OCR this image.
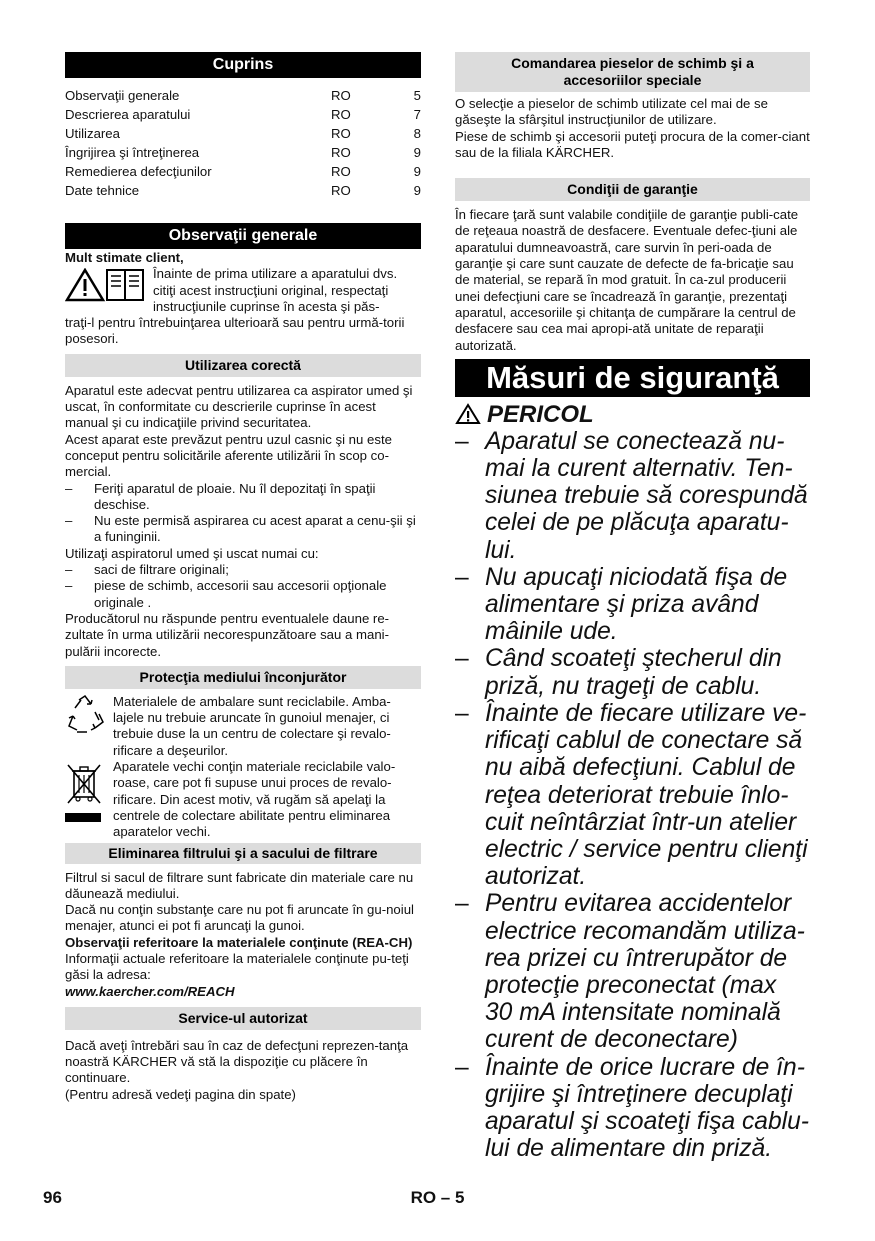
Cuprins
Observaţii generale	RO	5
Descrierea aparatului	RO	7
Utilizarea	RO	8
Îngrijirea şi întreţinerea	RO	9
Remedierea defecţiunilor	RO	9
Date tehnice	RO	9
Observaţii generale

Mult stimate client,

Înainte de prima utilizare a aparatului dvs.

citiţi acest instrucţiuni original, respectaţi

instrucţiunile cuprinse în acesta şi păs-

traţi-l pentru întrebuinţarea ulterioară sau pentru urmă-torii posesori.

Utilizarea corectă

Aparatul este adecvat pentru utilizarea ca aspirator umed şi uscat, în conformitate cu descrierile cuprinse în acest manual şi cu indicaţiile privind securitatea.

Acest aparat este prevăzut pentru uzul casnic şi nu este conceput pentru solicitările aferente utilizării în scop co-mercial.

–	Feriţi aparatul de ploaie. Nu îl depozitaţi în spaţii deschise.
–	Nu este permisă aspirarea cu acest aparat a cenu-şii şi a funinginii.

Utilizaţi aspiratorul umed şi uscat numai cu:

–	saci de filtrare originali;
–	piese de schimb, accesorii sau accesorii opţionale originale .

Producătorul nu răspunde pentru eventualele daune re-zultate în urma utilizării necorespunzătoare sau a mani-pulării incorecte.

Protecţia mediului înconjurător

Materialele de ambalare sunt reciclabile. Amba-lajele nu trebuie aruncate în gunoiul menajer, ci trebuie duse la un centru de colectare şi revalo-rificare a deşeurilor.

Aparatele vechi conţin materiale reciclabile valo-roase, care pot fi supuse unui proces de revalo-rificare. Din acest motiv, vă rugăm să apelaţi la centrele de colectare abilitate pentru eliminarea aparatelor vechi.

Eliminarea filtrului şi a sacului de filtrare

Filtrul si sacul de filtrare sunt fabricate din materiale care nu dăunează mediului.

Dacă nu conţin substanţe care nu pot fi aruncate în gu-noiul menajer, atunci ei pot fi aruncaţi la gunoi.

Observaţii referitoare la materialele conţinute (REA-CH)

Informaţii actuale referitoare la materialele conţinute pu-teţi găsi la adresa:

www.kaercher.com/REACH

Service-ul autorizat

Dacă aveţi întrebări sau în caz de defecţuni reprezen-tanţa noastră KÄRCHER vă stă la dispoziţie cu plăcere în continuare.

(Pentru adresă vedeţi pagina din spate)

Comandarea pieselor de schimb şi a accesoriilor speciale

O selecţie a pieselor de schimb utilizate cel mai de se găseşte la sfârşitul instrucţiunilor de utilizare.

Piese de schimb şi accesorii puteţi procura de la comer-ciant sau de la filiala KÄRCHER.

Condiţii de garanţie

În fiecare ţară sunt valabile condiţiile de garanţie publi-cate de reţeaua noastră de desfacere. Eventuale defec-ţiuni ale aparatului dumneavoastră, care survin în peri-oada de garanţie şi care sunt cauzate de defecte de fa-bricaţie sau de material, se repară în mod gratuit. În ca-zul producerii unei defecţiuni care se încadrează în garanţie, prezentaţi aparatul, accesoriile şi chitanţa de cumpărare la centrul de desfacere sau cea mai apropi-ată unitate de reparaţii autorizată.

Măsuri de siguranţă
PERICOL
– Aparatul se conectează nu-mai la curent alternativ. Ten-siunea trebuie să corespundă celei de pe plăcuţa aparatu-lui.
– Nu apucaţi niciodată fişa de alimentare şi priza având mâinile ude.
– Când scoateţi ştecherul din priză, nu trageţi de cablu.
– Înainte de fiecare utilizare ve-rificaţi cablul de conectare să nu aibă defecţiuni. Cablul de reţea deteriorat trebuie înlo-cuit neîntârziat într-un atelier electric / service pentru clienţi autorizat.
– Pentru evitarea accidentelor electrice recomandăm utiliza-rea prizei cu întrerupător de protecţie preconectat (max 30 mA intensitate nominală curent de deconectare)
– Înainte de orice lucrare de în-grijire şi întreţinere decuplaţi aparatul şi scoateţi fişa cablu-lui de alimentare din priză.
96	RO – 5
